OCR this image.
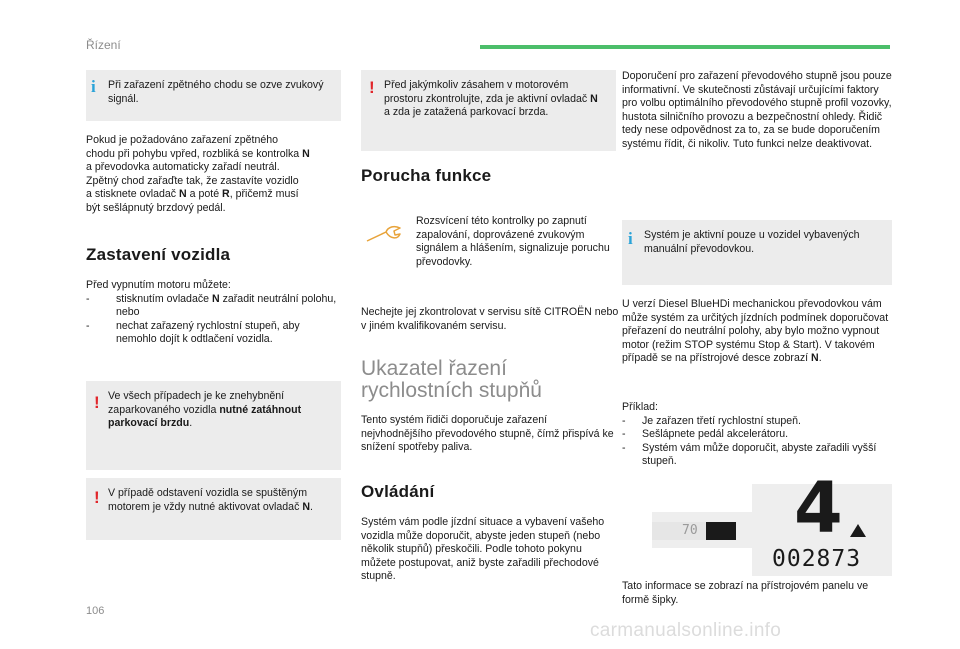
Řízení
i Při zařazení zpětného chodu se ozve zvukový signál.
Pokud je požadováno zařazení zpětného
chodu při pohybu vpřed, rozbliká se kontrolka N
a převodovka automaticky zařadí neutrál.
Zpětný chod zařaďte tak, že zastavíte vozidlo
a stisknete ovladač N a poté R, přičemž musí
být sešlápnutý brzdový pedál.
Zastavení vozidla
Před vypnutím motoru můžete:
- stisknutím ovladače N zařadit neutrální polohu,
nebo
- nechat zařazený rychlostní stupeň, aby nemohlo dojít k odtlačení vozidla.
! Ve všech případech je ke znehybnění zaparkovaného vozidla nutné zatáhnout parkovací brzdu.
! V případě odstavení vozidla se spuštěným motorem je vždy nutné aktivovat ovladač N.
! Před jakýmkoliv zásahem v motorovém prostoru zkontrolujte, zda je aktivní ovladač N a zda je zatažená parkovací brzda.
Porucha funkce
Rozsvícení této kontrolky po zapnutí zapalování, doprovázené zvukovým signálem a hlášením, signalizuje poruchu převodovky.
Nechejte jej zkontrolovat v servisu sítě CITROËN nebo v jiném kvalifikovaném servisu.
Ukazatel řazení
rychlostních stupňů
Tento systém řidiči doporučuje zařazení nejvhodnějšího převodového stupně, čímž přispívá ke snížení spotřeby paliva.
Ovládání
Systém vám podle jízdní situace a vybavení vašeho vozidla může doporučit, abyste jeden stupeň (nebo několik stupňů) přeskočili. Podle tohoto pokynu můžete postupovat, aniž byste zařadili přechodové stupně.
Doporučení pro zařazení převodového stupně jsou pouze informativní. Ve skutečnosti zůstávají určujícími faktory pro volbu optimálního převodového stupně profil vozovky, hustota silničního provozu a bezpečnostní ohledy. Řidič tedy nese odpovědnost za to, za se bude doporučením systému řídit, či nikoliv. Tuto funkci nelze deaktivovat.
i Systém je aktivní pouze u vozidel vybavených manuální převodovkou.
U verzí Diesel BlueHDi mechanickou převodovkou vám může systém za určitých jízdních podmínek doporučovat přeřazení do neutrální polohy, aby bylo možno vypnout motor (režim STOP systému Stop & Start). V takovém případě se na přístrojové desce zobrazí N.
Příklad:
- Je zařazen třetí rychlostní stupeň.
- Sešlápnete pedál akcelerátoru.
- Systém vám může doporučit, abyste zařadili vyšší stupeň.
70 4
002873
Tato informace se zobrazí na přístrojovém panelu ve formě šipky.
106
carmanualsonline.info
